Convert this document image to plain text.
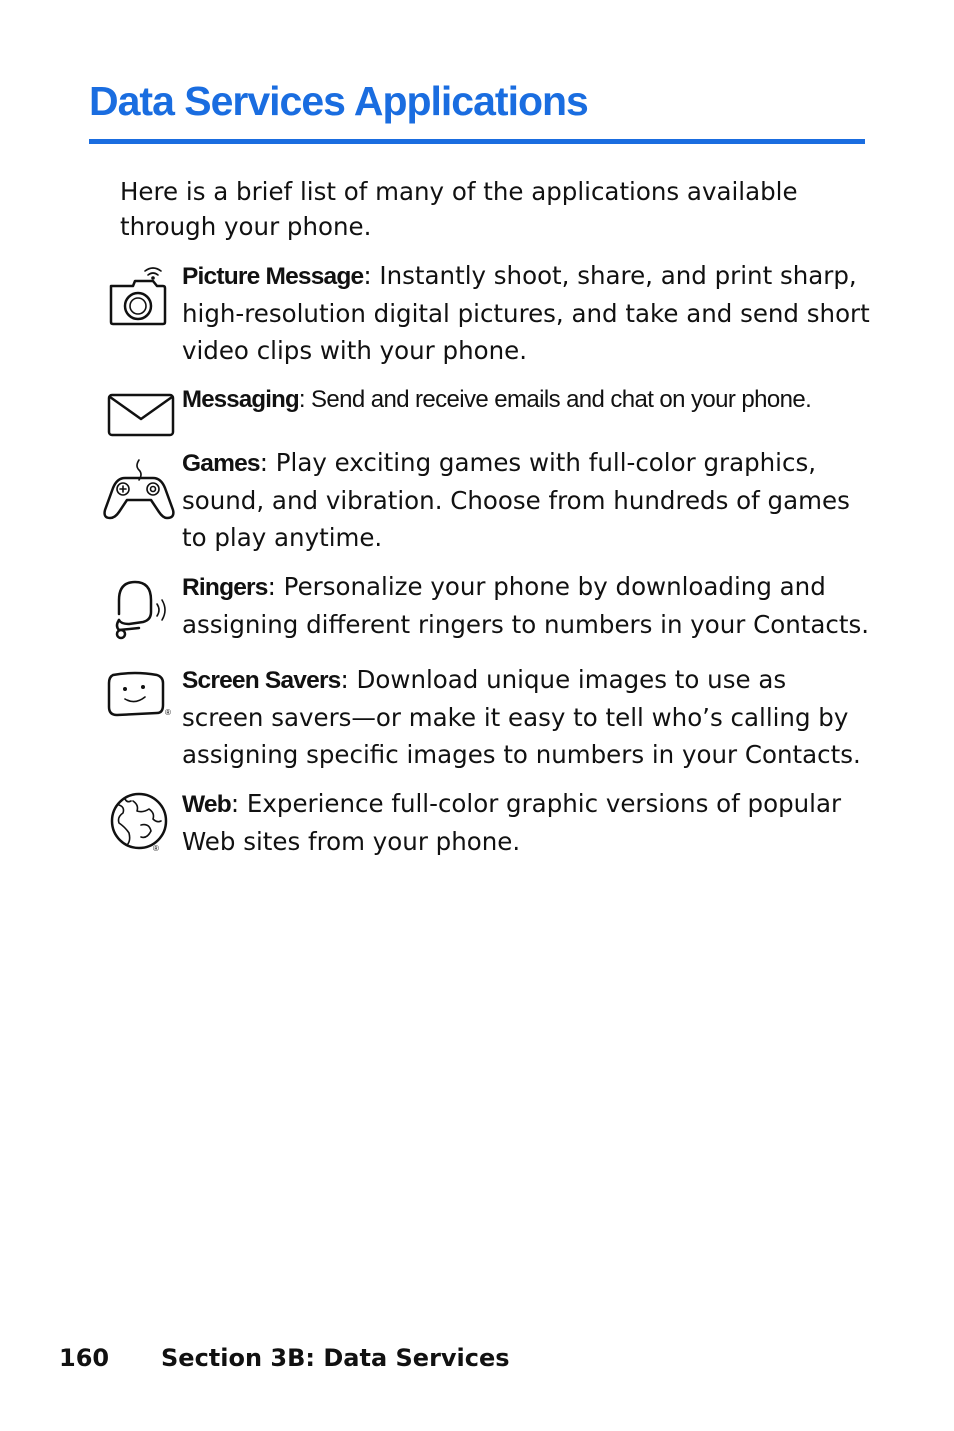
Data Services Applications

Here is a brief list of many of the applications available through your phone.

Picture Message: Instantly shoot, share, and print sharp, high-resolution digital pictures, and take and send short video clips with your phone.

Messaging: Send and receive emails and chat on your phone.

Games: Play exciting games with full-color graphics, sound, and vibration. Choose from hundreds of games to play anytime.

Ringers: Personalize your phone by downloading and assigning different ringers to numbers in your Contacts.

®

Screen Savers: Download unique images to use as screen savers—or make it easy to tell who’s calling by assigning specific images to numbers in your Contacts.

®

Web: Experience full-color graphic versions of popular Web sites from your phone.

160 Section 3B: Data Services
